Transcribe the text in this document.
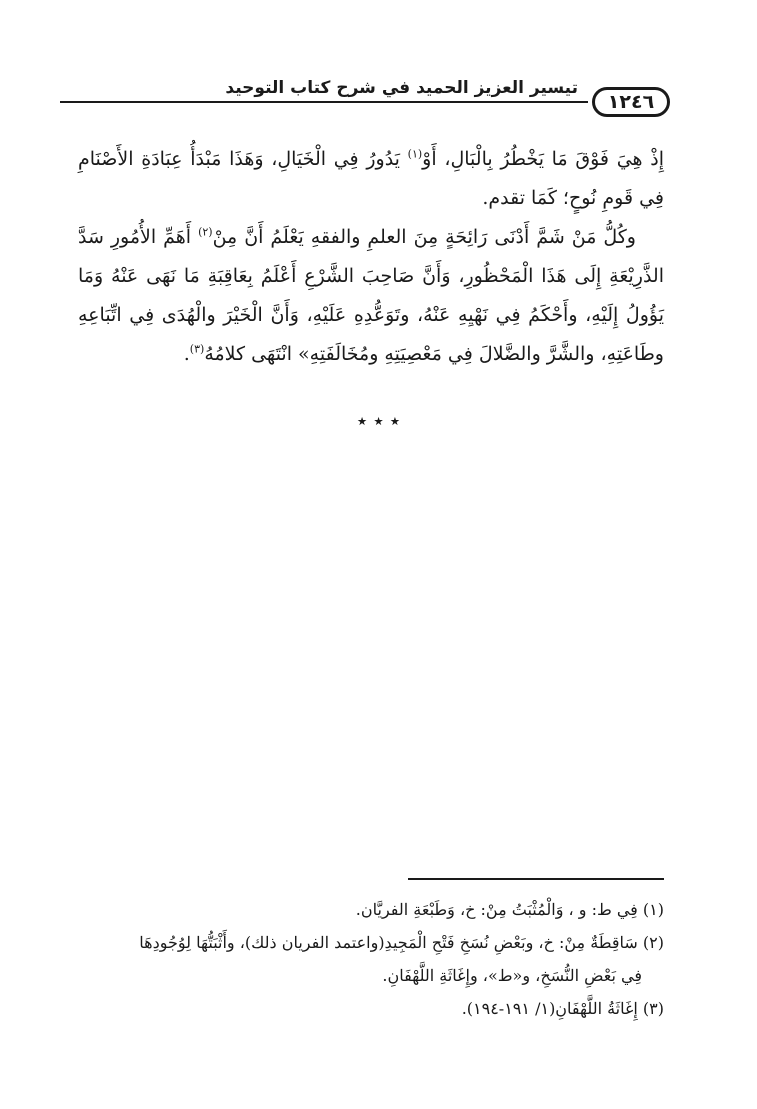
تيسير العزيز الحميد في شرح كتاب التوحيد
١٢٤٦

إِذْ هِيَ فَوْقَ مَا يَخْطُرُ بِالْبَالِ، أَوْ$^{(١)}$ يَدُورُ فِي الْخَيَالِ، وَهَذَا مَبْدَأُ عِبَادَةِ الأَصْنَامِ فِي قَومِ نُوحٍ؛ كَمَا تقدم.

وكُلُّ مَنْ شَمَّ أَدْنَى رَائِحَةٍ مِنَ العلمِ والفقهِ يَعْلَمُ أَنَّ مِنْ$^{(٢)}$ أَهَمِّ الأُمُورِ سَدَّ الذَّرِيْعَةِ إِلَى هَذَا الْمَحْظُورِ، وَأَنَّ صَاحِبَ الشَّرْعِ أَعْلَمُ بِعَاقِبَةِ مَا نَهَى عَنْهُ وَمَا يَؤُولُ إِلَيْهِ، وأَحْكَمُ فِي نَهْيِهِ عَنْهُ، وتَوَعُّدِهِ عَلَيْهِ، وَأَنَّ الْخَيْرَ والْهُدَى فِي اتِّبَاعِهِ وطَاعَتِهِ، والشَّرَّ والضَّلالَ فِي مَعْصِيَتِهِ ومُخَالَفَتِهِ» انْتَهَى كلامُهُ$^{(٣)}$.

٭ ٭ ٭

(١) فِي ط: و ، وَالْمُثْبَتُ مِنْ: خ، وَطَبْعَةِ الفريَّان.

(٢) سَاقِطَةٌ مِنْ: خ، وبَعْضِ نُسَخِ فَتْحِ الْمَجِيدِ(واعتمد الفريان ذلك)، وأَثْبَتُّهَا لِوُجُودِهَا
فِي بَعْضِ النُّسَخِ، و«ط»، وإِغَاثَةِ اللَّهْفَانِ.

(٣) إِغَاثَةُ اللَّهْفَانِ(١/ ١٩١-١٩٤).
